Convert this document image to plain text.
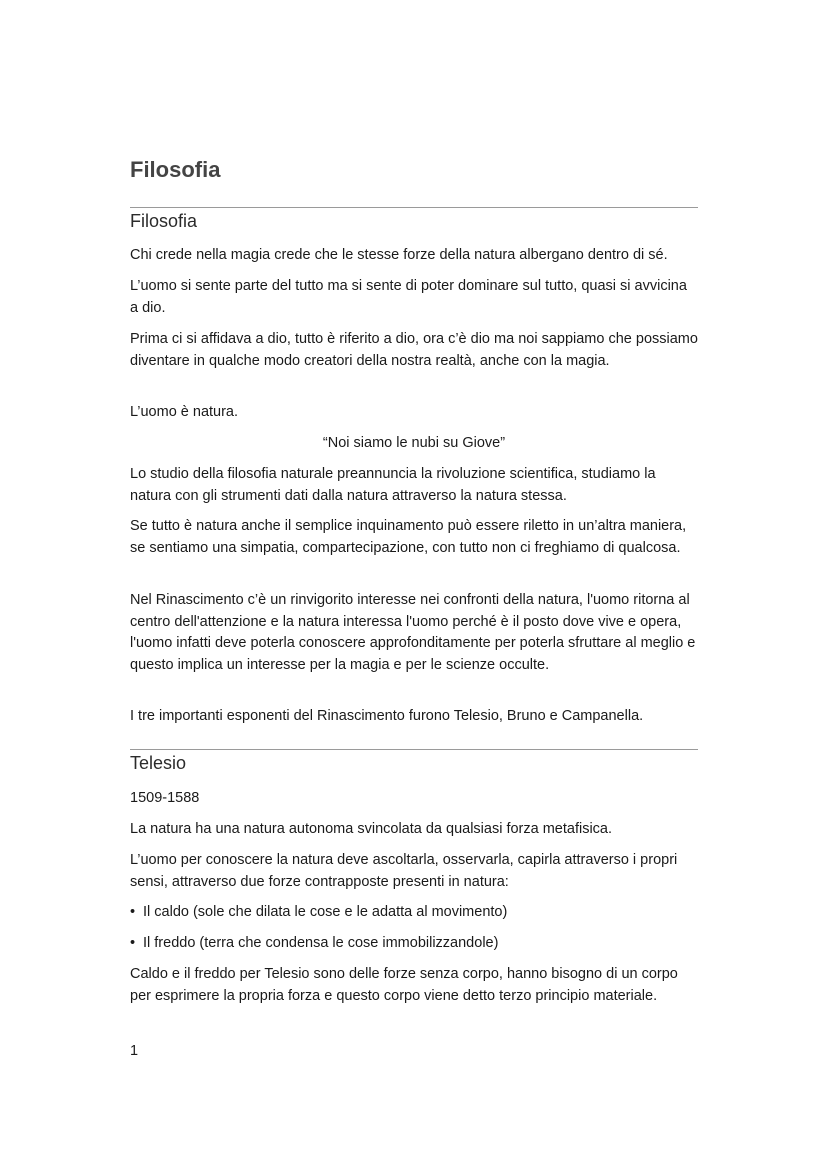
Filosofia
Filosofia

Chi crede nella magia crede che le stesse forze della natura albergano dentro di sé.

L’uomo si sente parte del tutto ma si sente di poter dominare sul tutto, quasi si avvicina a dio.

Prima ci si affidava a dio, tutto è riferito a dio, ora c’è dio ma noi sappiamo che possiamo diventare in qualche modo creatori della nostra realtà, anche con la magia.

L’uomo è natura.

“Noi siamo le nubi su Giove”

Lo studio della filosofia naturale preannuncia la rivoluzione scientifica, studiamo la natura con gli strumenti dati dalla natura attraverso la natura stessa.

Se tutto è natura anche il semplice inquinamento può essere riletto in un’altra maniera, se sentiamo una simpatia, compartecipazione, con tutto non ci freghiamo di qualcosa.

Nel Rinascimento c’è un rinvigorito interesse nei confronti della natura, l'uomo ritorna al centro dell'attenzione e la natura interessa l'uomo perché è il posto dove vive e opera, l'uomo infatti deve poterla conoscere approfonditamente per poterla sfruttare al meglio e questo implica un interesse per la magia e per le scienze occulte.

I tre importanti esponenti del Rinascimento furono Telesio, Bruno e Campanella.

Telesio

1509-1588

La natura ha una natura autonoma svincolata da qualsiasi forza metafisica.

L’uomo per conoscere la natura deve ascoltarla, osservarla, capirla attraverso i propri sensi, attraverso due forze contrapposte presenti in natura:

• Il caldo (sole che dilata le cose e le adatta al movimento)

• Il freddo (terra che condensa le cose immobilizzandole)

Caldo e il freddo per Telesio sono delle forze senza corpo, hanno bisogno di un corpo per esprimere la propria forza e questo corpo viene detto terzo principio materiale.

1
